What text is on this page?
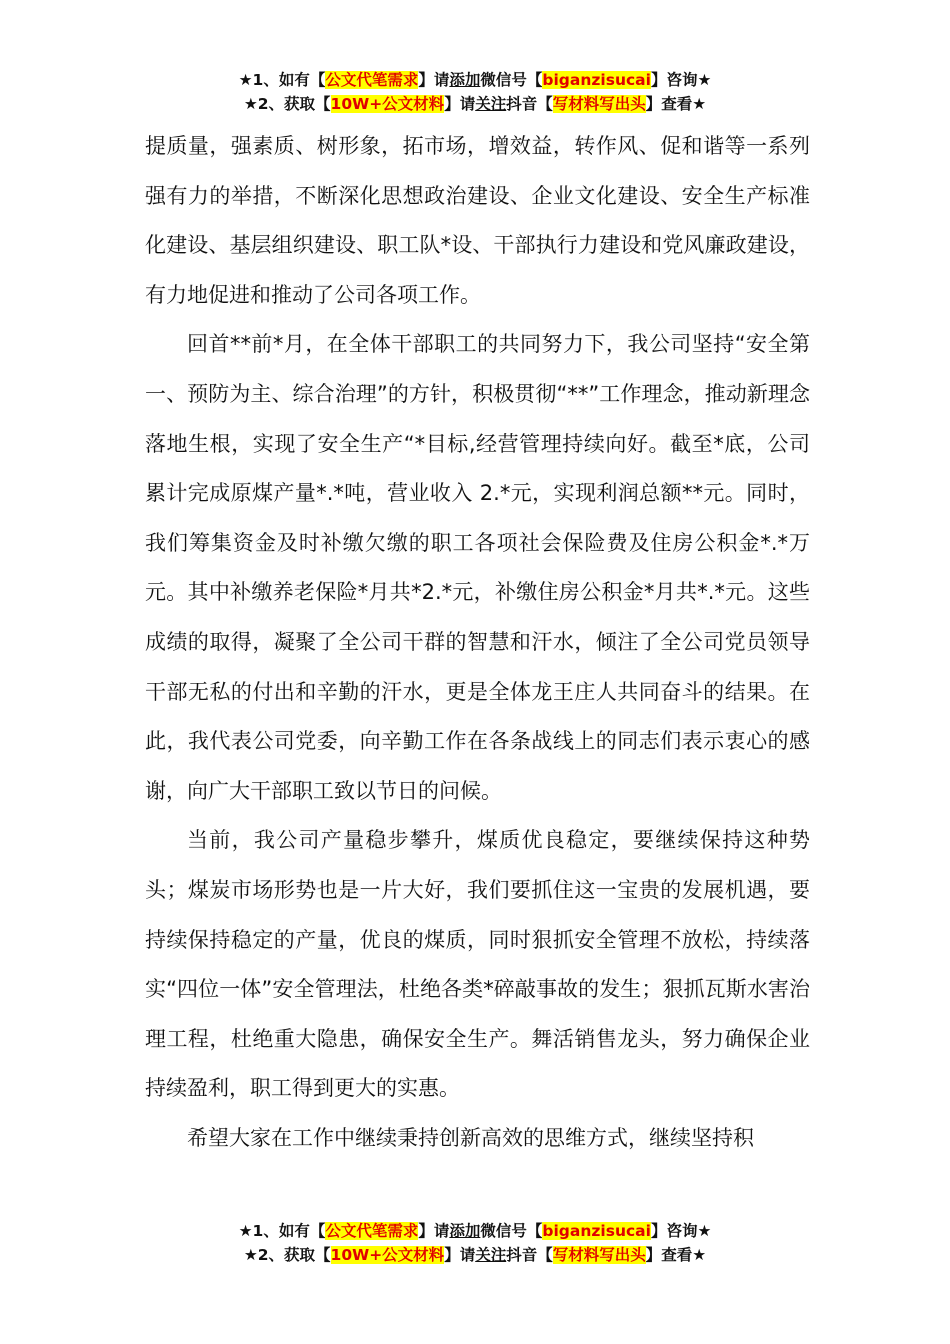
★1、如有【公文代笔需求】请添加微信号【biganzisucai】咨询★
★2、获取【10W+公文材料】请关注抖音【写材料写出头】查看★

提质量，强素质、树形象，拓市场，增效益，转作风、促和谐等一系列强有力的举措，不断深化思想政治建设、企业文化建设、安全生产标准化建设、基层组织建设、职工队*设、干部执行力建设和党风廉政建设，有力地促进和推动了公司各项工作。

回首**前*月，在全体干部职工的共同努力下，我公司坚持“安全第一、预防为主、综合治理”的方针，积极贯彻“**”工作理念，推动新理念落地生根，实现了安全生产“*目标,经营管理持续向好。截至*底，公司累计完成原煤产量*.*吨，营业收入 2.*元，实现利润总额**元。同时，我们筹集资金及时补缴欠缴的职工各项社会保险费及住房公积金*.*万元。其中补缴养老保险*月共*2.*元，补缴住房公积金*月共*.*元。这些成绩的取得，凝聚了全公司干群的智慧和汗水，倾注了全公司党员领导干部无私的付出和辛勤的汗水，更是全体龙王庄人共同奋斗的结果。在此，我代表公司党委，向辛勤工作在各条战线上的同志们表示衷心的感谢，向广大干部职工致以节日的问候。

当前，我公司产量稳步攀升，煤质优良稳定，要继续保持这种势头；煤炭市场形势也是一片大好，我们要抓住这一宝贵的发展机遇，要持续保持稳定的产量，优良的煤质，同时狠抓安全管理不放松，持续落实“四位一体”安全管理法，杜绝各类*碎敲事故的发生；狠抓瓦斯水害治理工程，杜绝重大隐患，确保安全生产。舞活销售龙头，努力确保企业持续盈利，职工得到更大的实惠。

希望大家在工作中继续秉持创新高效的思维方式，继续坚持积

★1、如有【公文代笔需求】请添加微信号【biganzisucai】咨询★
★2、获取【10W+公文材料】请关注抖音【写材料写出头】查看★
